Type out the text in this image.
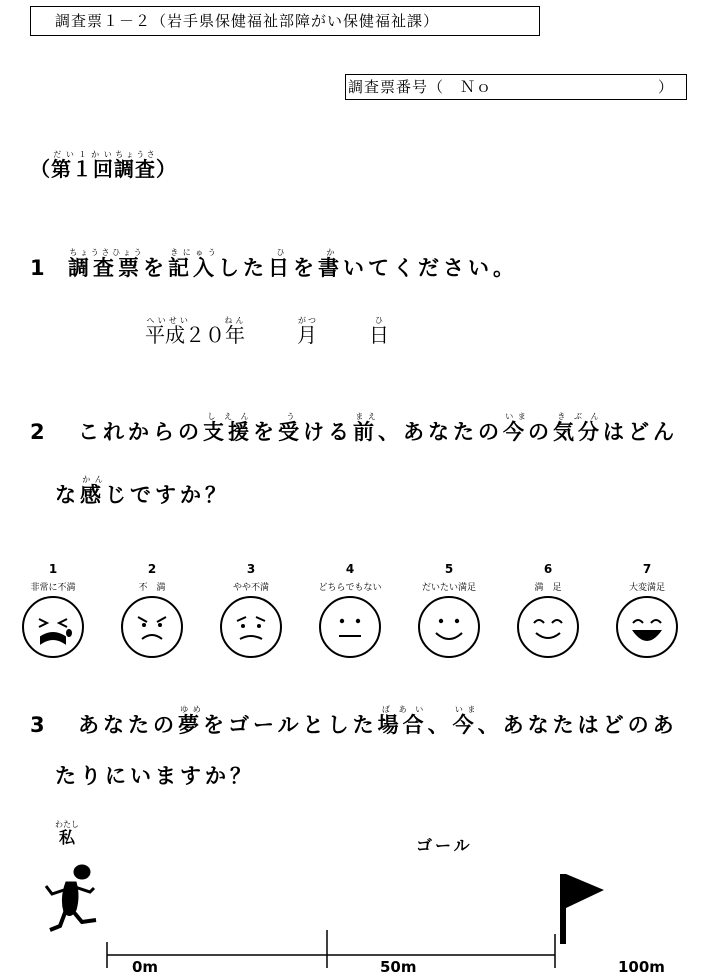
調査票１－２（岩手県保健福祉部障がい保健福祉課）
調査票番号（　Ｎｏ	）
（第１回だい１かい調査ちょうさ）
1 調査票ちょうさひょうを記入きにゅうした日ひを書かいてください。
平成２０年へいせい　　　	ねん月がつ日ひ
2 これからの支援しえんを受うける前まえ、あなたの今いまの気分きぶんはどん
な感かんじですか？
1
非常に不満
2
不　満
3
やや不満
4
どちらでもない
5
だいたい満足
6
満　足
7
大変満足
3 あなたの夢ゆめをゴールとした場合ばあい、今いま、あなたはどのあ
たりにいますか？
私わたし
ゴール
0m	50m	100m
